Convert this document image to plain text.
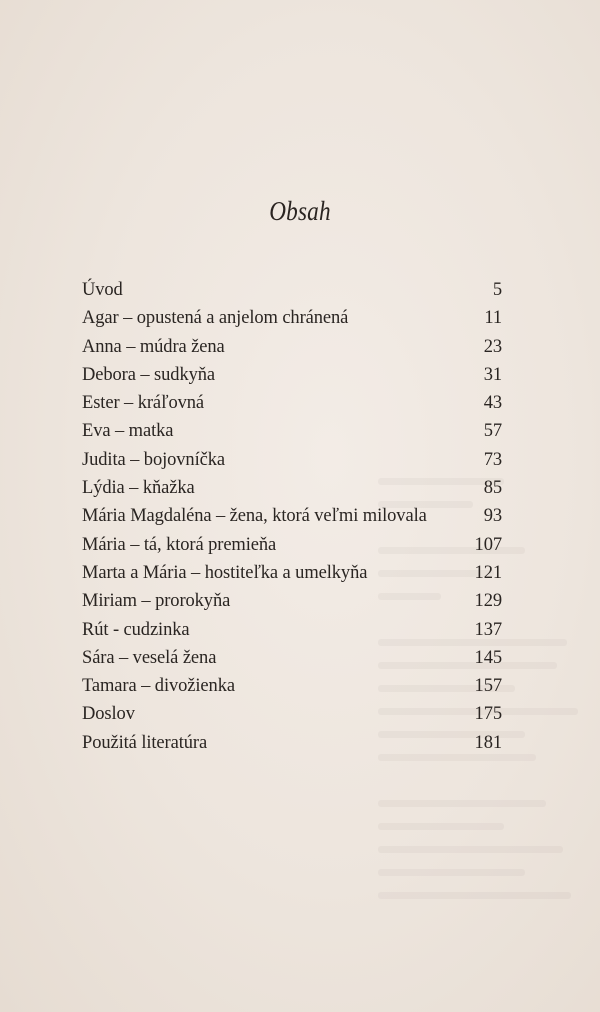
Obsah
Úvod	5
Agar – opustená a anjelom chránená	11
Anna – múdra žena	23
Debora – sudkyňa	31
Ester – kráľovná	43
Eva – matka	57
Judita – bojovníčka	73
Lýdia – kňažka	85
Mária Magdaléna – žena, ktorá veľmi milovala	93
Mária – tá, ktorá premieňa	107
Marta a Mária – hostiteľka a umelkyňa	121
Miriam – prorokyňa	129
Rút - cudzinka	137
Sára – veselá žena	145
Tamara – divožienka	157
Doslov	175
Použitá literatúra	181
